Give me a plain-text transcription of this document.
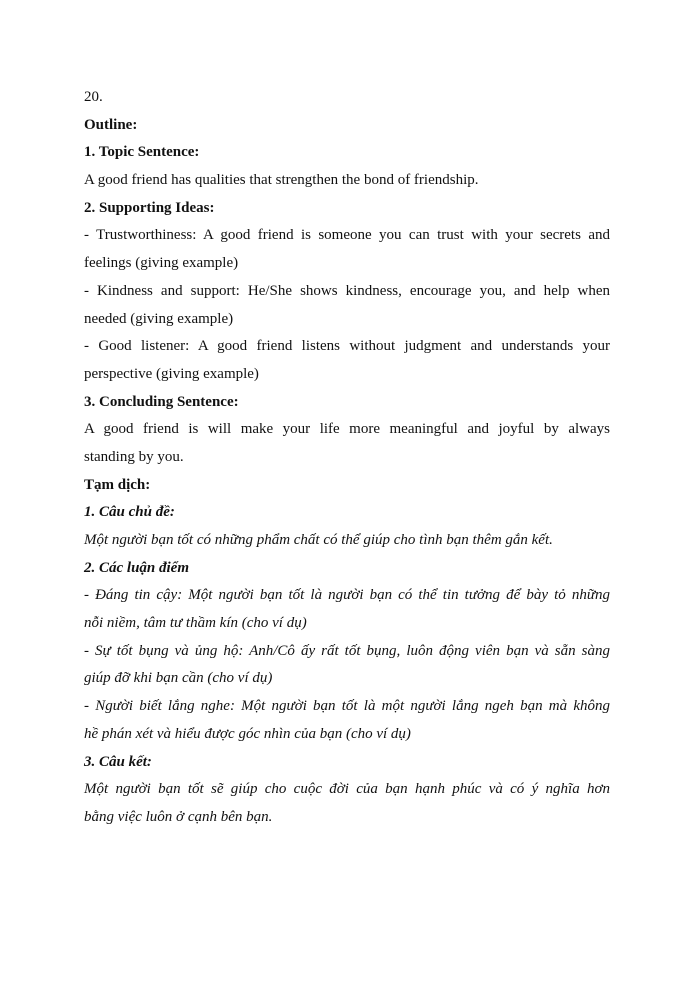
20.
Outline:
1. Topic Sentence:
A good friend has qualities that strengthen the bond of friendship.
2. Supporting Ideas:
- Trustworthiness: A good friend is someone you can trust with your secrets and
feelings (giving example)
- Kindness and support: He/She shows kindness, encourage you, and help when
needed (giving example)
- Good listener: A good friend listens without judgment and understands your
perspective (giving example)
3. Concluding Sentence:
A good friend is will make your life more meaningful and joyful by always
standing by you.
Tạm dịch:
1. Câu chủ đề:
Một người bạn tốt có những phẩm chất có thể giúp cho tình bạn thêm gắn kết.
2. Các luận điểm
- Đáng tin cậy: Một người bạn tốt là người bạn có thể tin tưởng để bày tỏ những
nỗi niềm, tâm tư thầm kín (cho ví dụ)
- Sự tốt bụng và ủng hộ: Anh/Cô ấy rất tốt bụng, luôn động viên bạn và sẵn sàng
giúp đỡ khi bạn cần (cho ví dụ)
- Người biết lắng nghe: Một người bạn tốt là một người lắng ngeh bạn mà không
hề phán xét và hiểu được góc nhìn của bạn (cho ví dụ)
3. Câu kết:
Một người bạn tốt sẽ giúp cho cuộc đời của bạn hạnh phúc và có ý nghĩa hơn
bằng việc luôn ở cạnh bên bạn.
